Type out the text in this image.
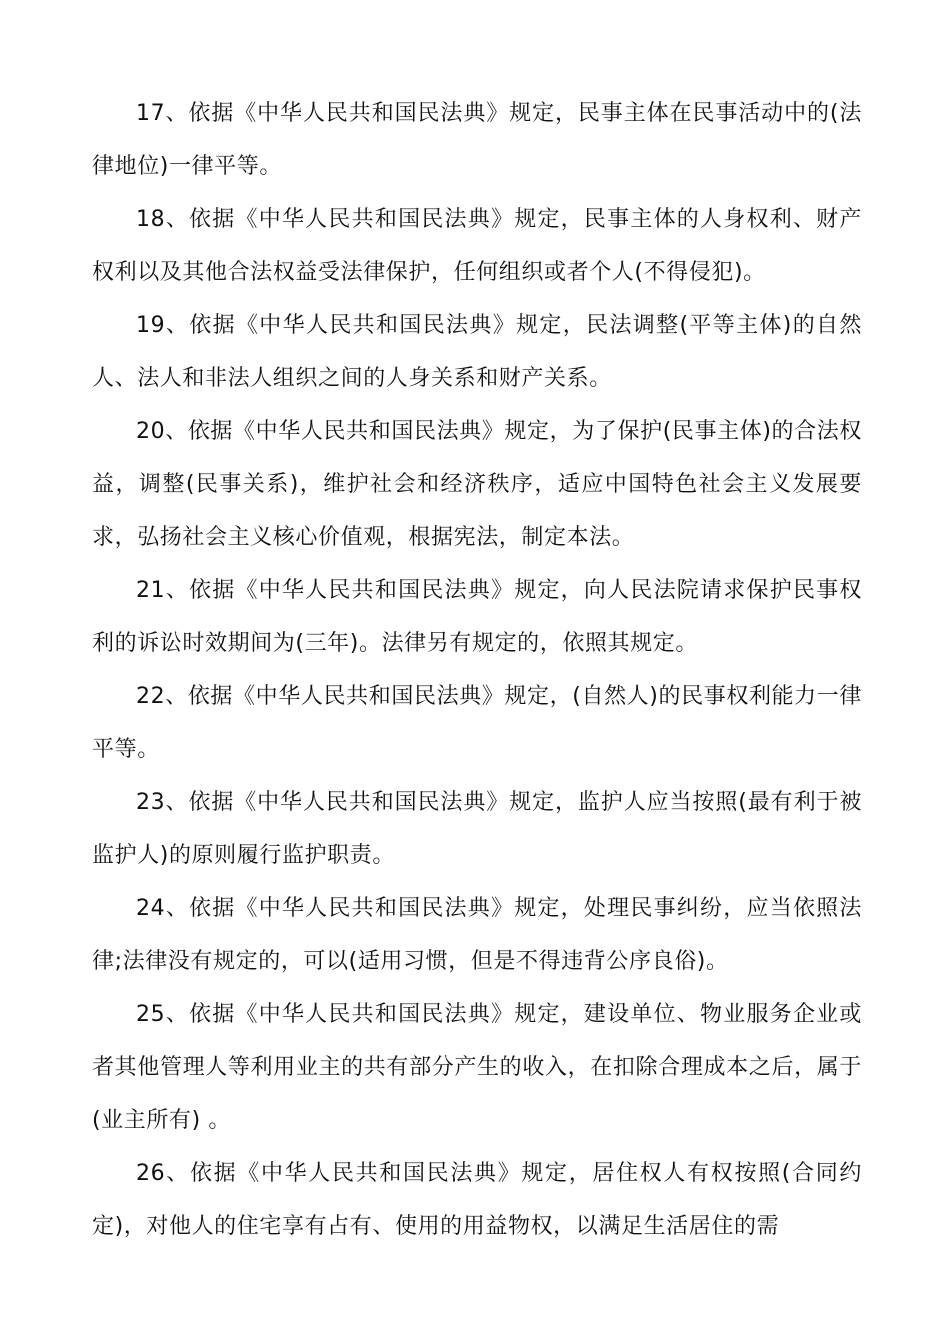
17、依据《中华人民共和国民法典》规定，民事主体在民事活动中的(法律地位)一律平等。

18、依据《中华人民共和国民法典》规定，民事主体的人身权利、财产权利以及其他合法权益受法律保护，任何组织或者个人(不得侵犯)。

19、依据《中华人民共和国民法典》规定，民法调整(平等主体)的自然人、法人和非法人组织之间的人身关系和财产关系。

20、依据《中华人民共和国民法典》规定，为了保护(民事主体)的合法权益，调整(民事关系)，维护社会和经济秩序，适应中国特色社会主义发展要求，弘扬社会主义核心价值观，根据宪法，制定本法。

21、依据《中华人民共和国民法典》规定，向人民法院请求保护民事权利的诉讼时效期间为(三年)。法律另有规定的，依照其规定。

22、依据《中华人民共和国民法典》规定，(自然人)的民事权利能力一律平等。

23、依据《中华人民共和国民法典》规定，监护人应当按照(最有利于被监护人)的原则履行监护职责。

24、依据《中华人民共和国民法典》规定，处理民事纠纷，应当依照法律;法律没有规定的，可以(适用习惯，但是不得违背公序良俗)。

25、依据《中华人民共和国民法典》规定，建设单位、物业服务企业或者其他管理人等利用业主的共有部分产生的收入，在扣除合理成本之后，属于(业主所有) 。

26、依据《中华人民共和国民法典》规定，居住权人有权按照(合同约定)，对他人的住宅享有占有、使用的用益物权，以满足生活居住的需
